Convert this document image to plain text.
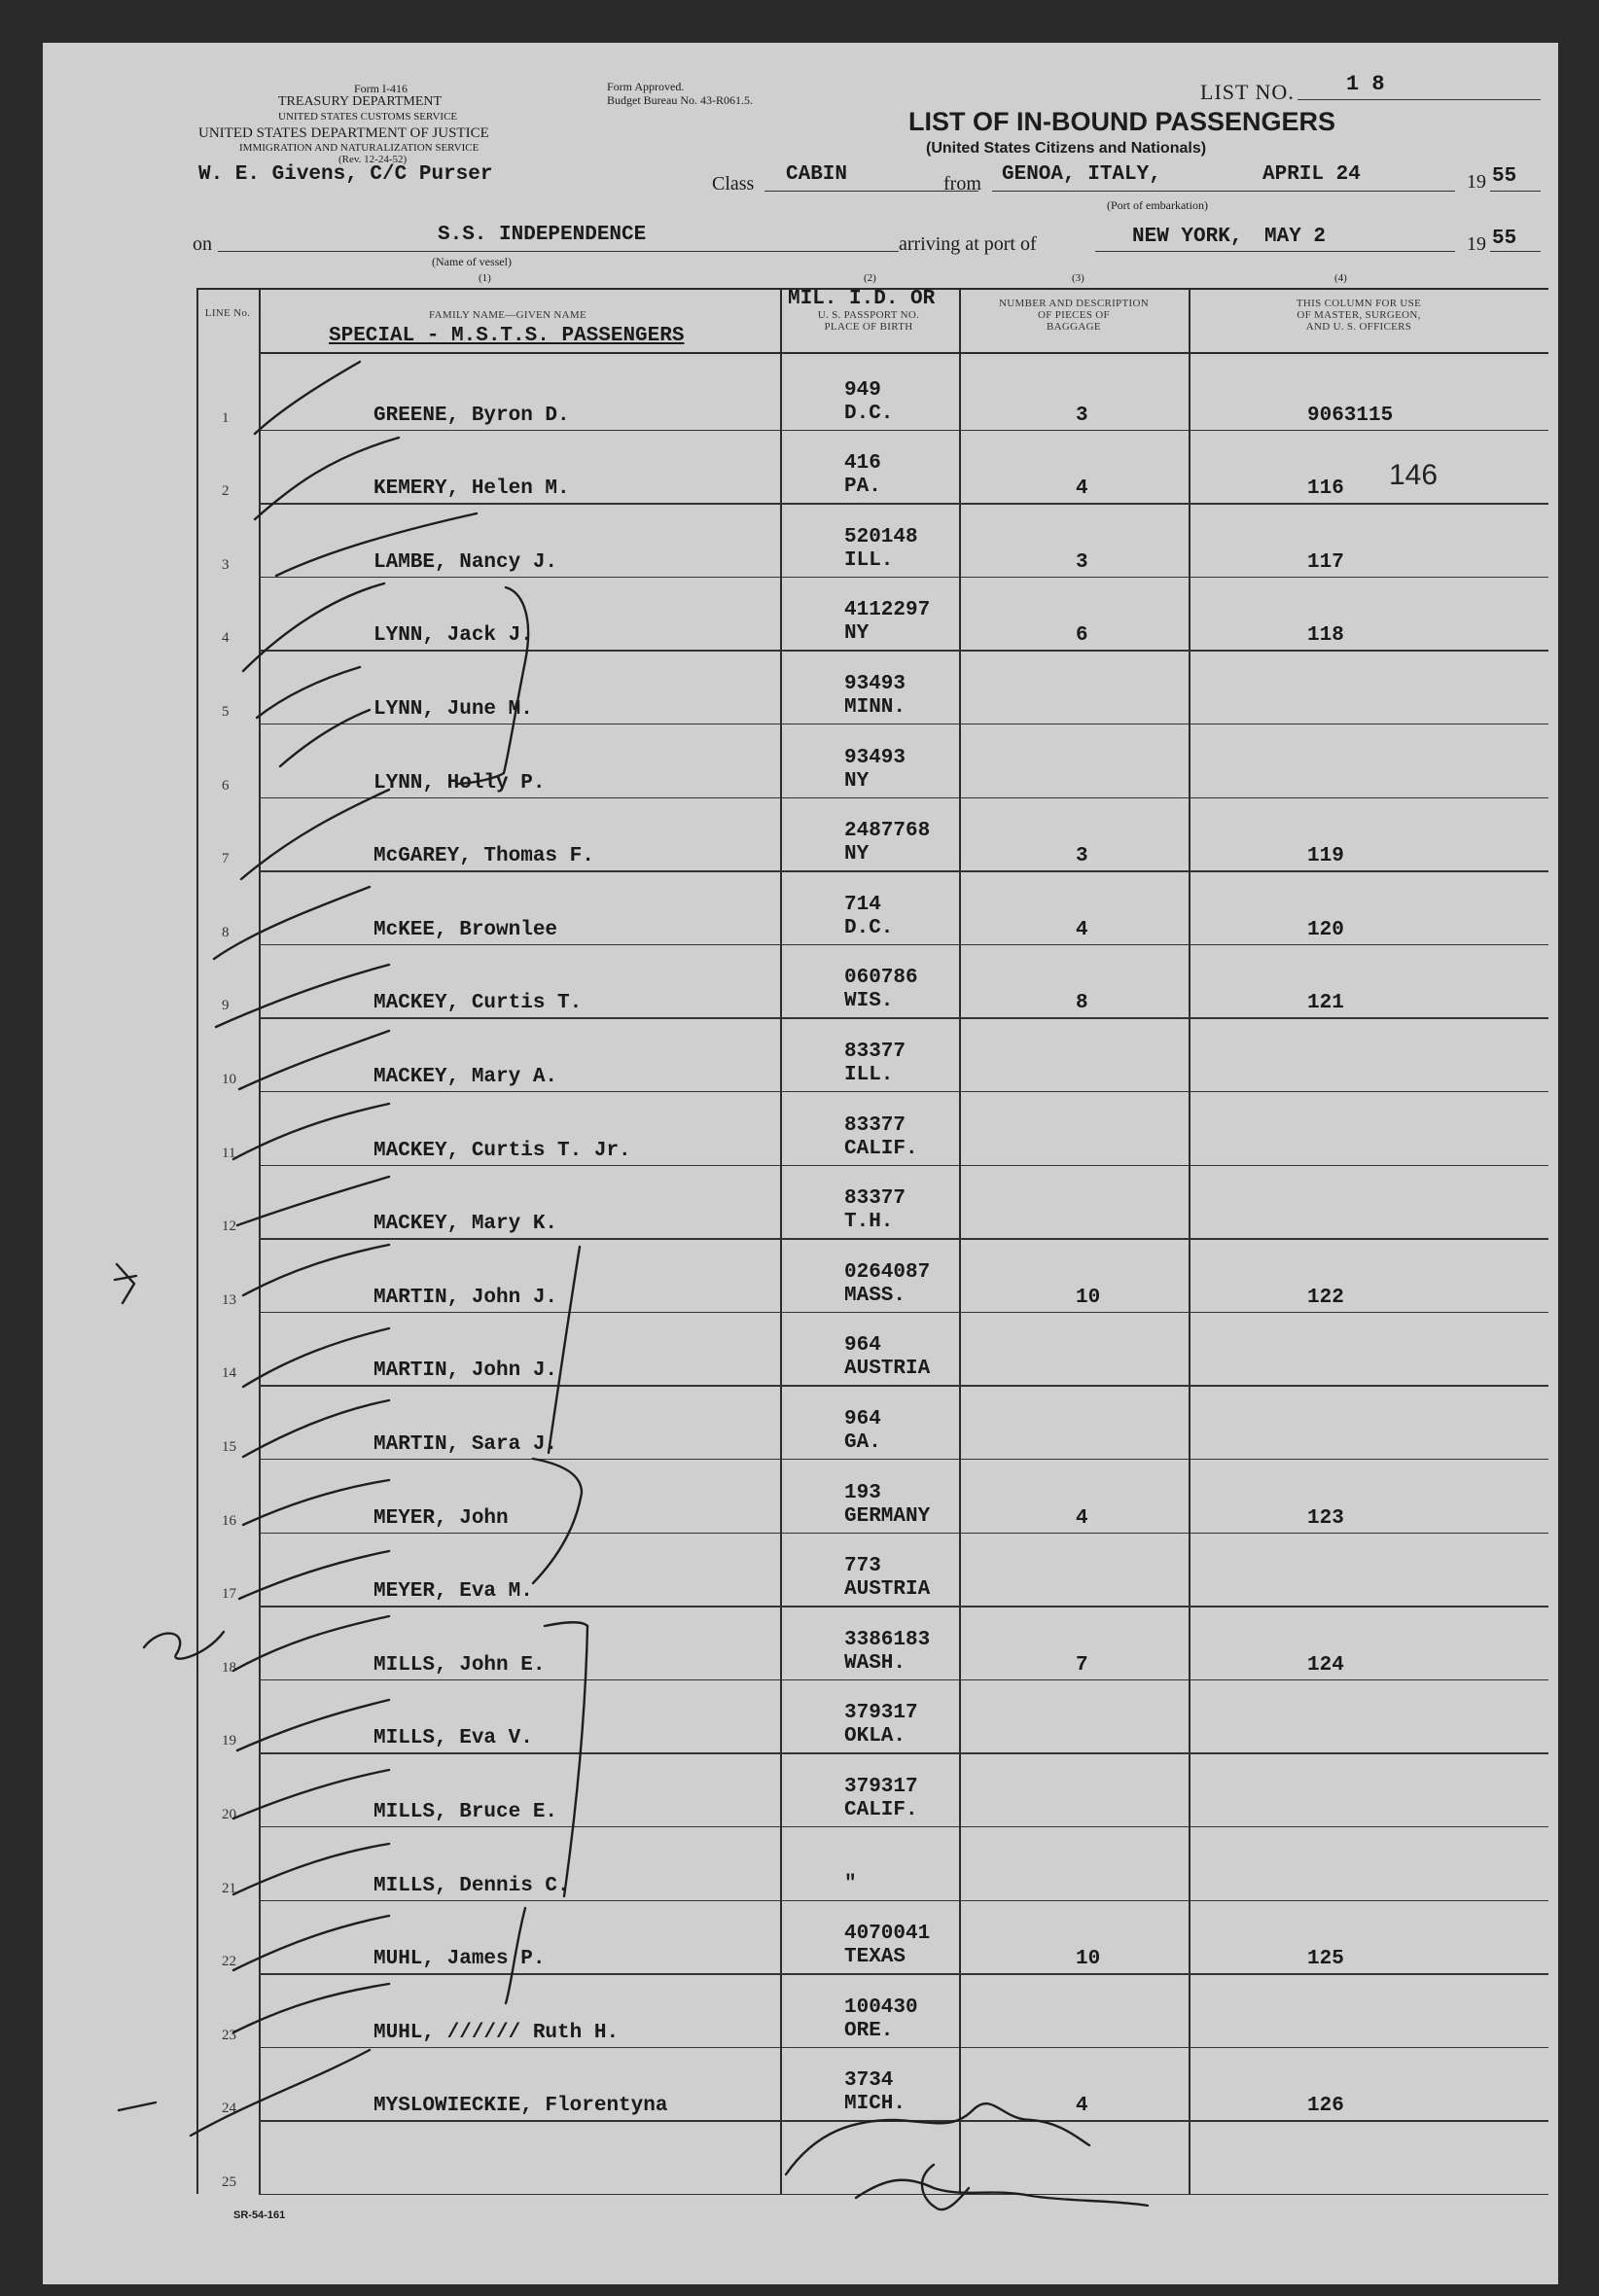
Form I-416
TREASURY DEPARTMENT
UNITED STATES CUSTOMS SERVICE
Form Approved.
Budget Bureau No. 43-R061.5.
UNITED STATES DEPARTMENT OF JUSTICE
IMMIGRATION AND NATURALIZATION SERVICE
(Rev. 12-24-52)
W. E. Givens, C/C Purser
LIST NO. 1 8
LIST OF IN-BOUND PASSENGERS
(United States Citizens and Nationals)
Class CABIN	from GENOA, ITALY,	APRIL 24	19 55
(Port of embarkation)
on	S.S. INDEPENDENCE
(Name of vessel)
arriving at port of	NEW YORK, MAY 2	19 55
(1)	(2)	(3)	(4)
LINE No.	FAMILY NAME—GIVEN NAME
SPECIAL - M.S.T.S. PASSENGERS
MIL. I.D. OR
U. S. PASSPORT NO.
PLACE OF BIRTH
NUMBER AND DESCRIPTION
OF PIECES OF
BAGGAGE
THIS COLUMN FOR USE
OF MASTER, SURGEON,
AND U. S. OFFICERS
1	GREENE, Byron D.
949
D.C.	3	9063115
2	KEMERY, Helen M.
416
PA.	4	116
3	LAMBE, Nancy J.
520148
ILL.	3	117
4	LYNN, Jack J.
4112297
NY	6	118
5	LYNN, June M.
93493
MINN.
6	LYNN, Holly P.
93493
NY
7	McGAREY, Thomas F.
2487768
NY	3	119
8	McKEE, Brownlee
714
D.C.	4	120
9	MACKEY, Curtis T.
060786
WIS.	8	121
10	MACKEY, Mary A.
83377
ILL.
11	MACKEY, Curtis T. Jr.
83377
CALIF.
12	MACKEY, Mary K.
83377
T.H.
13	MARTIN, John J.
0264087
MASS.	10	122
14	MARTIN, John J.
964
AUSTRIA
15	MARTIN, Sara J.
964
GA.
16	MEYER, John
193
GERMANY	4	123
17	MEYER, Eva M.
773
AUSTRIA
18	MILLS, John E.
3386183
WASH.	7	124
19	MILLS, Eva V.
379317
OKLA.
20	MILLS, Bruce E.
379317
CALIF.
21	MILLS, Dennis C.	"
22	MUHL, James P.
4070041
TEXAS	10	125
23	MUHL, ////// Ruth H.
100430
ORE.
24	MYSLOWIECKIE, Florentyna
3734
MICH.	4	126
25
146
SR-54-161
